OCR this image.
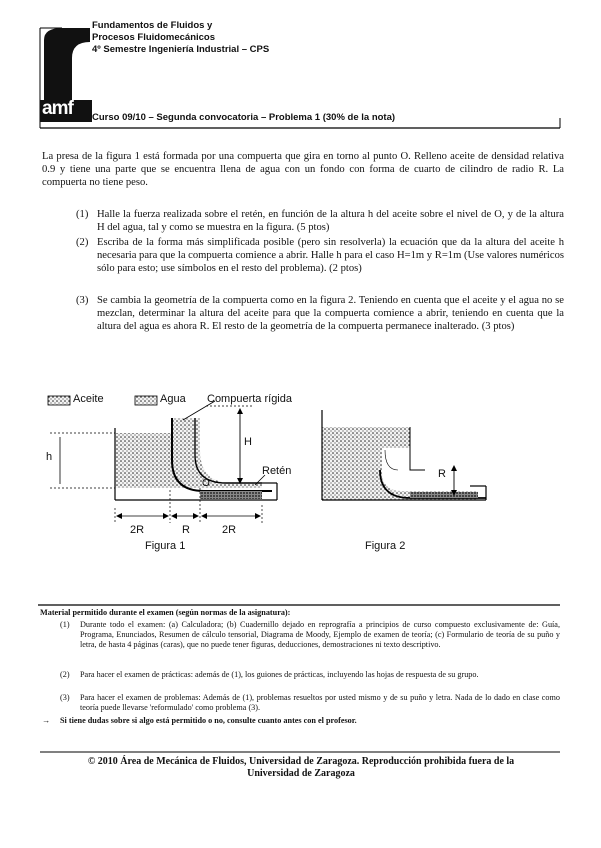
amf
Fundamentos de Fluidos y
Procesos Fluidomecánicos
4º Semestre Ingeniería Industrial – CPS
Curso 09/10 – Segunda convocatoria – Problema 1 (30% de la nota)
La presa de la figura 1 está formada por una compuerta que gira en torno al punto O. Relleno aceite de densidad relativa 0.9 y tiene una parte que se encuentra llena de agua con un fondo con forma de cuarto de cilindro de radio R. La compuerta no tiene peso.
(1) Halle la fuerza realizada sobre el retén, en función de la altura h del aceite sobre el nivel de O, y de la altura H del agua, tal y como se muestra en la figura. (5 ptos)
(2) Escriba de la forma más simplificada posible (pero sin resolverla) la ecuación que da la altura del aceite h necesaria para que la compuerta comience a abrir. Halle h para el caso H=1m y R=1m (Use valores numéricos sólo para esto; use símbolos en el resto del problema). (2 ptos)
(3) Se cambia la geometría de la compuerta como en la figura 2. Teniendo en cuenta que el aceite y el agua no se mezclan, determinar la altura del aceite para que la compuerta comience a abrir, teniendo en cuenta que la altura del agua es ahora R. El resto de la geometría de la compuerta permanece inalterado. (3 ptos)
Aceite	Agua Compuerta rígida
h
H
O
Retén
2R	R	2R
Figura 1
R
Figura 2
Material permitido durante el examen (según normas de la asignatura):
(1) Durante todo el examen: (a) Calculadora; (b) Cuadernillo dejado en reprografía a principios de curso compuesto exclusivamente de: Guía, Programa, Enunciados, Resumen de cálculo tensorial, Diagrama de Moody, Ejemplo de examen de teoría; (c) Formulario de teoría de su puño y letra, de hasta 4 páginas (caras), que no puede tener figuras, deducciones, demostraciones ni texto descriptivo.
(2) Para hacer el examen de prácticas: además de (1), los guiones de prácticas, incluyendo las hojas de respuesta de su grupo.
(3) Para hacer el examen de problemas: Además de (1), problemas resueltos por usted mismo y de su puño y letra. Nada de lo dado en clase como teoría puede llevarse 'reformulado' como problema (3).
→ Si tiene dudas sobre si algo está permitido o no, consulte cuanto antes con el profesor.
© 2010 Área de Mecánica de Fluidos, Universidad de Zaragoza. Reproducción prohibida fuera de la
Universidad de Zaragoza
